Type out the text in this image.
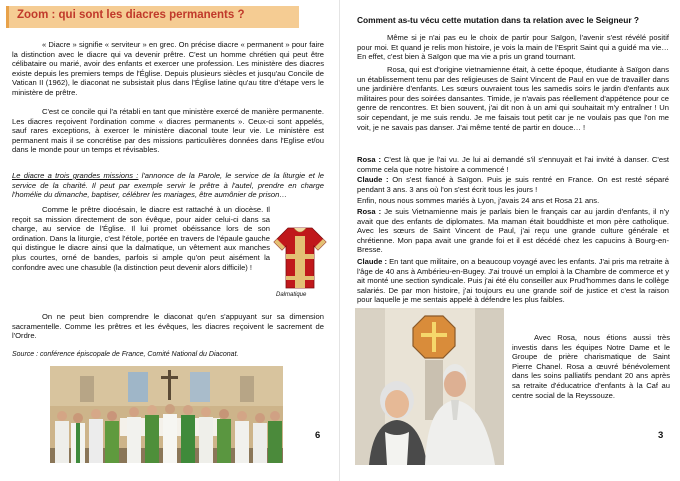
Zoom : qui sont les diacres permanents ?

« Diacre » signifie « serviteur » en grec. On précise diacre « permanent » pour faire la distinction avec le diacre qui va devenir prêtre. C'est un homme chrétien qui peut être célibataire ou marié, avoir des enfants et exercer une profession. Les ministère des diacres existe depuis les premiers temps de l'Église. Depuis plusieurs siècles et jusqu'au Concile de Vatican II (1962), le diaconat ne subsistait plus dans l'Église latine qu'au titre d'étape vers le ministère de prêtre.

C'est ce concile qui l'a rétabli en tant que ministère exercé de manière permanente. Les diacres reçoivent l'ordination comme « diacres permanents ». Ceux-ci sont appelés, sauf rares exceptions, à exercer le ministère diaconal toute leur vie. Le ministère est permanent mais il se concrétise par des missions particulières données dans l'Eglise et/ou dans le monde pour un temps et révisables.

Le diacre a trois grandes missions : l'annonce de la Parole, le service de la liturgie et le service de la charité. Il peut par exemple servir le prêtre à l'autel, prendre en charge l'homélie du dimanche, baptiser, célébrer les mariages, être aumônier de prison…

Comme le prêtre diocésain, le diacre est rattaché à un diocèse. Il reçoit sa mission directement de son évêque, pour aider celui-ci dans sa charge, au service de l'Église. Il lui promet obéissance lors de son ordination. Dans la liturgie, c'est l'étole, portée en travers de l'épaule gauche qui distingue le diacre ainsi que la dalmatique, un vêtement aux manches plus courtes, orné de bandes, parfois si ample qu'on peut aisément la confondre avec une chasuble (la distinction peut devenir alors difficile) !

Dalmatique

On ne peut bien comprendre le diaconat qu'en s'appuyant sur sa dimension sacramentelle. Comme les prêtres et les évêques, les diacres reçoivent le sacrement de l'Ordre.

Source : conférence épiscopale de France, Comité National du Diaconat.

6
Comment as-tu vécu cette mutation dans ta relation avec le Seigneur ?

Même si je n'ai pas eu le choix de partir pour Saïgon, l'avenir s'est révélé positif pour moi. Et quand je relis mon histoire, je vois la main de l'Esprit Saint qui a guidé ma vie… En effet, c'est bien à Saïgon que ma vie a pris un grand tournant.

Rosa, qui est d'origine vietnamienne était, à cette époque, étudiante à Saïgon dans un établissement tenu par des religieuses de Saint Vincent de Paul en vue de travailler dans une jardinière d'enfants. Les sœurs ouvraient tous les samedis soirs le jardin d'enfants aux militaires pour des soirées dansantes. Timide, je n'avais pas réellement d'appétence pour ce genre de rencontres. Et bien souvent, j'ai dit non à un ami qui souhaitait m'y entraîner ! Un soir cependant, je me suis rendu. Je me faisais tout petit car je ne voulais pas que l'on me voit, je ne savais pas danser. J'ai même tenté de partir en douce… !

Rosa : C'est là que je l'ai vu. Je lui ai demandé s'il s'ennuyait et l'ai invité à danser. C'est comme cela que notre histoire a commencé !

Claude : On s'est fiancé à Saïgon. Puis je suis rentré en France. On est resté séparé pendant 3 ans. 3 ans où l'on s'est écrit tous les jours !

Enfin, nous nous sommes mariés à Lyon, j'avais 24 ans et Rosa 21 ans.

Rosa : Je suis Vietnamienne mais je parlais bien le français car au jardin d'enfants, il n'y avait que des enfants de diplomates. Ma maman était bouddhiste et mon père catholique. Avec les sœurs de Saint Vincent de Paul, j'ai reçu une grande culture générale et chrétienne. Mon papa avait une grande foi et il est décédé chez les capucins à Bourg-en-Bresse.

Claude : En tant que militaire, on a beaucoup voyagé avec les enfants. J'ai pris ma retraite à l'âge de 40 ans à Ambérieu-en-Bugey. J'ai trouvé un emploi à la Chambre de commerce et y ait monté une section syndicale. Puis j'ai été élu conseiller aux Prud'hommes dans le collège salariés. De par mon histoire, j'ai toujours eu une grande soif de justice et c'est la raison pour laquelle je me sentais appelé à défendre les plus faibles.

Avec Rosa, nous étions aussi très investis dans les équipes Notre Dame et le Groupe de prière charismatique de Saint Pierre Chanel. Rosa a œuvré bénévolement dans les soins palliatifs pendant 20 ans après sa retraite d'éducatrice d'enfants à la Caf au centre social de la Reyssouze.

3
